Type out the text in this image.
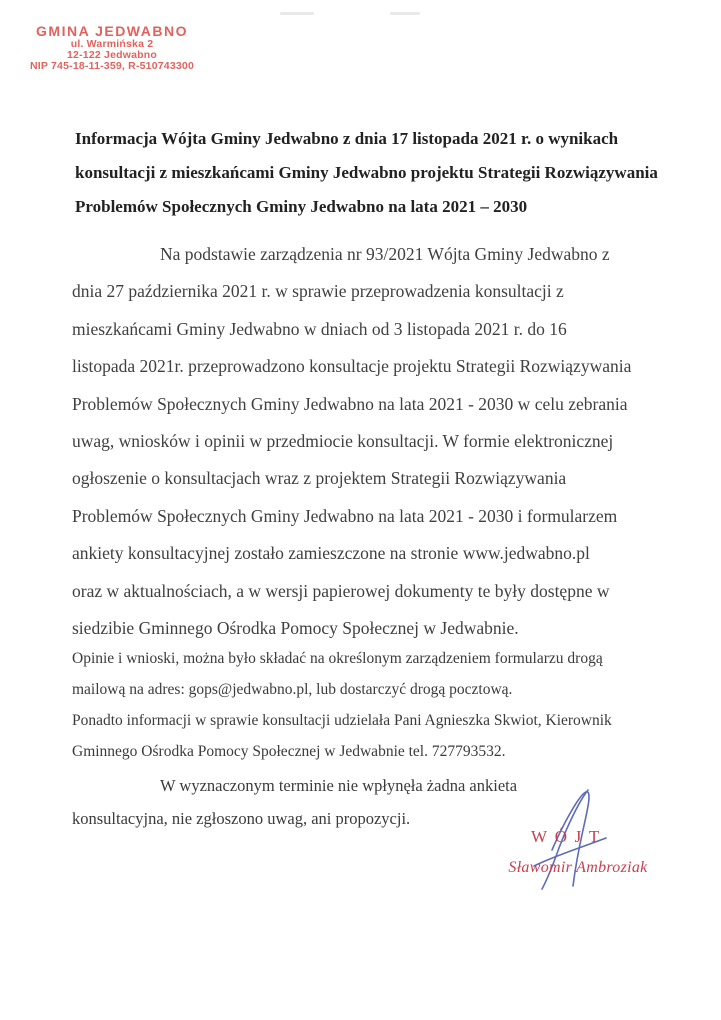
GMINA JEDWABNO
ul. Warmińska 2
12-122 Jedwabno
NIP 745-18-11-359, R-510743300
Informacja Wójta Gminy Jedwabno z dnia 17 listopada 2021 r. o wynikach
konsultacji z mieszkańcami Gminy Jedwabno projektu Strategii Rozwiązywania
Problemów Społecznych Gminy Jedwabno na lata 2021 – 2030
Na podstawie zarządzenia nr 93/2021 Wójta Gminy Jedwabno z
dnia 27 października 2021 r. w sprawie przeprowadzenia konsultacji z
mieszkańcami Gminy Jedwabno w dniach od 3 listopada 2021 r. do 16
listopada 2021r. przeprowadzono konsultacje projektu Strategii Rozwiązywania
Problemów Społecznych Gminy Jedwabno na lata 2021 - 2030 w celu zebrania
uwag, wniosków i opinii w przedmiocie konsultacji. W formie elektronicznej
ogłoszenie o konsultacjach wraz z projektem Strategii Rozwiązywania
Problemów Społecznych Gminy Jedwabno na lata 2021 - 2030 i formularzem
ankiety konsultacyjnej zostało zamieszczone na stronie www.jedwabno.pl
oraz w aktualnościach, a w wersji papierowej dokumenty te były dostępne w
siedzibie Gminnego Ośrodka Pomocy Społecznej w Jedwabnie.
Opinie i wnioski, można było składać na określonym zarządzeniem formularzu drogą
mailową na adres: gops@jedwabno.pl, lub dostarczyć drogą pocztową.
Ponadto informacji w sprawie konsultacji udzielała Pani Agnieszka Skwiot, Kierownik
Gminnego Ośrodka Pomocy Społecznej w Jedwabnie tel. 727793532.
W wyznaczonym terminie nie wpłynęła żadna ankieta
konsultacyjna, nie zgłoszono uwag, ani propozycji.
WÓJT
Sławomir Ambroziak
